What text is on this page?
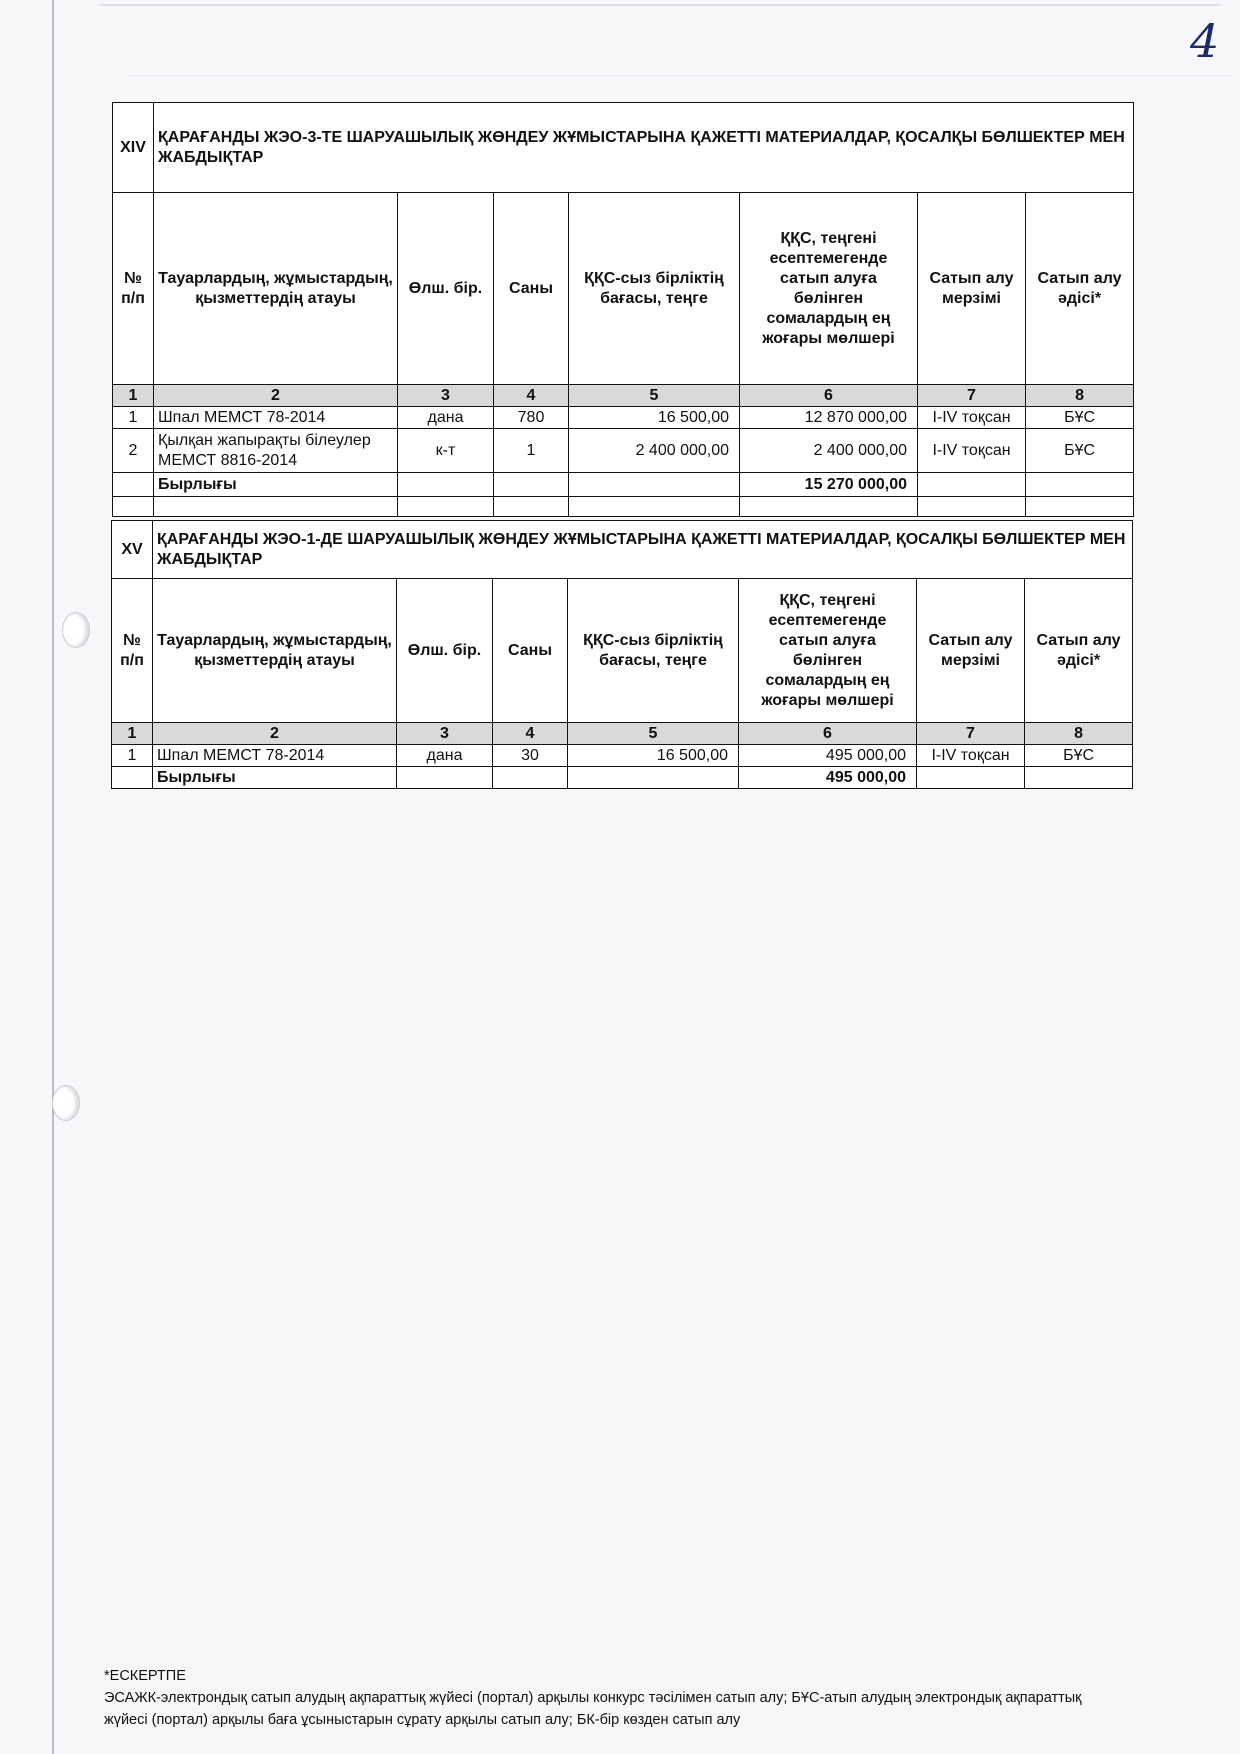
4
XIV	ҚАРАҒАНДЫ ЖЭО-3-ТЕ ШАРУАШЫЛЫҚ ЖӨНДЕУ ЖҰМЫСТАРЫНА ҚАЖЕТТІ МАТЕРИАЛДАР, ҚОСАЛҚЫ БӨЛШЕКТЕР МЕН ЖАБДЫҚТАР						
№ п/п	Тауарлардың, жұмыстардың, қызметтердің атауы	Өлш. бір.	Саны	ҚҚС-сыз бірліктің бағасы, теңге	ҚҚС, теңгені есептемегенде сатып алуға бөлінген сомалардың ең жоғары мөлшері	Сатып алу мерзімі	Сатып алу әдісі*
1	2	3	4	5	6	7	8
1	Шпал МЕМСТ 78-2014	дана	780	16 500,00	12 870 000,00	I-IV тоқсан	БҰС
2	Қылқан жапырақты білеулер МЕМСТ 8816-2014	к-т	1	2 400 000,00	2 400 000,00	I-IV тоқсан	БҰС
	Бырлығы				15 270 000,00		

XV	ҚАРАҒАНДЫ ЖЭО-1-ДЕ ШАРУАШЫЛЫҚ ЖӨНДЕУ ЖҰМЫСТАРЫНА ҚАЖЕТТІ МАТЕРИАЛДАР, ҚОСАЛҚЫ БӨЛШЕКТЕР МЕН ЖАБДЫҚТАР						
№ п/п	Тауарлардың, жұмыстардың, қызметтердің атауы	Өлш. бір.	Саны	ҚҚС-сыз бірліктің бағасы, теңге	ҚҚС, теңгені есептемегенде сатып алуға бөлінген сомалардың ең жоғары мөлшері	Сатып алу мерзімі	Сатып алу әдісі*
1	2	3	4	5	6	7	8
1	Шпал МЕМСТ 78-2014	дана	30	16 500,00	495 000,00	I-IV тоқсан	БҰС
	Бырлығы				495 000,00		
*ЕСКЕРТПЕ
ЭСАЖК-электрондық сатып алудың ақпараттық жүйесі (портал) арқылы конкурс тәсілімен сатып алу; БҰС-атып алудың электрондық ақпараттық жүйесі (портал) арқылы баға ұсыныстарын сұрату арқылы сатып алу; БК-бір көзден сатып алу
